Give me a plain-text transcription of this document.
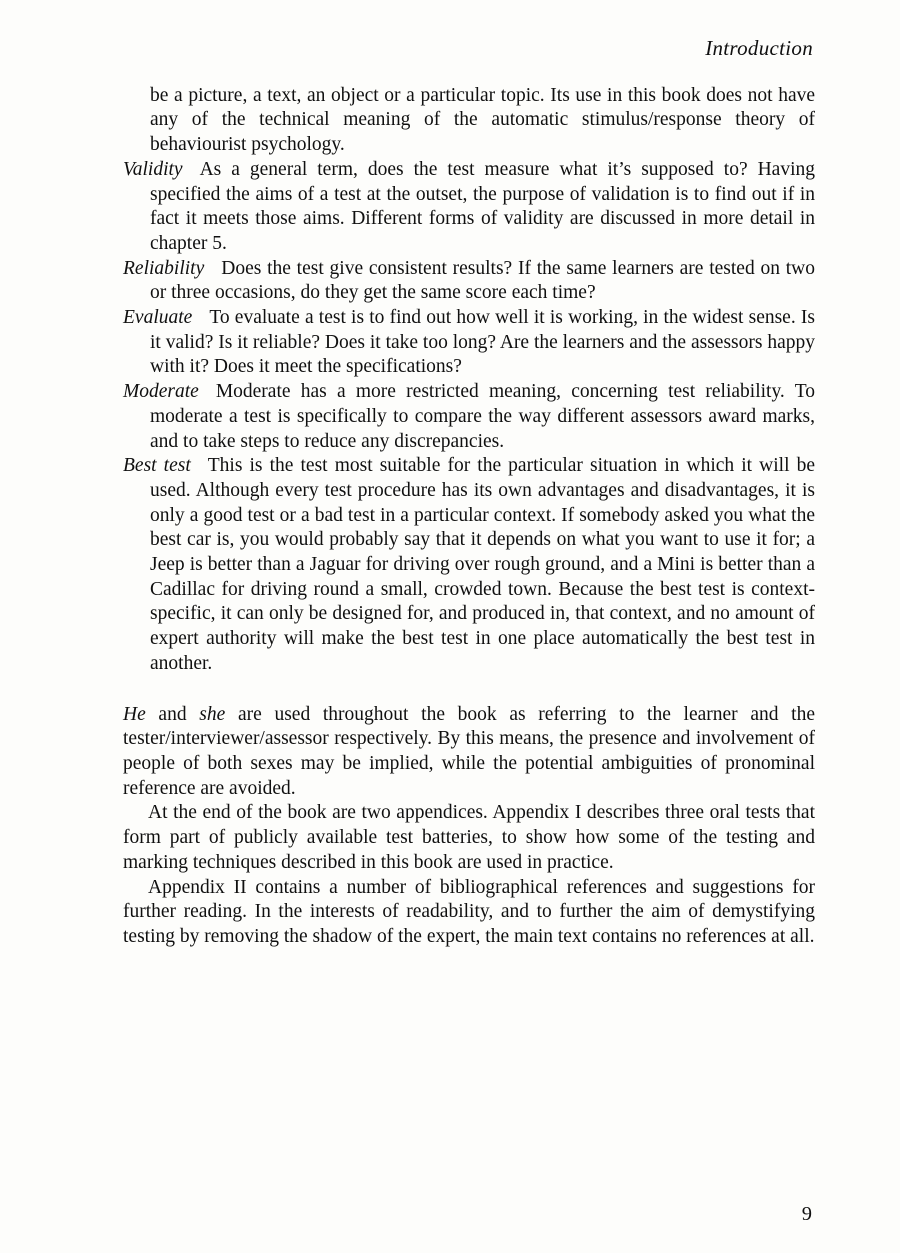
Introduction

be a picture, a text, an object or a particular topic. Its use in this book does not have any of the technical meaning of the automatic stimulus/response theory of behaviourist psychology.

Validity As a general term, does the test measure what it’s supposed to? Having specified the aims of a test at the outset, the purpose of validation is to find out if in fact it meets those aims. Different forms of validity are discussed in more detail in chapter 5.

Reliability Does the test give consistent results? If the same learners are tested on two or three occasions, do they get the same score each time?

Evaluate To evaluate a test is to find out how well it is working, in the widest sense. Is it valid? Is it reliable? Does it take too long? Are the learners and the assessors happy with it? Does it meet the specifications?

Moderate Moderate has a more restricted meaning, concerning test reliability. To moderate a test is specifically to compare the way different assessors award marks, and to take steps to reduce any discrepancies.

Best test This is the test most suitable for the particular situation in which it will be used. Although every test procedure has its own advantages and disadvantages, it is only a good test or a bad test in a particular context. If somebody asked you what the best car is, you would probably say that it depends on what you want to use it for; a Jeep is better than a Jaguar for driving over rough ground, and a Mini is better than a Cadillac for driving round a small, crowded town. Because the best test is context-specific, it can only be designed for, and produced in, that context, and no amount of expert authority will make the best test in one place automatically the best test in another.

He and she are used throughout the book as referring to the learner and the tester/interviewer/assessor respectively. By this means, the presence and involvement of people of both sexes may be implied, while the potential ambiguities of pronominal reference are avoided.

At the end of the book are two appendices. Appendix I describes three oral tests that form part of publicly available test batteries, to show how some of the testing and marking techniques described in this book are used in practice.

Appendix II contains a number of bibliographical references and suggestions for further reading. In the interests of readability, and to further the aim of demystifying testing by removing the shadow of the expert, the main text contains no references at all.

9
